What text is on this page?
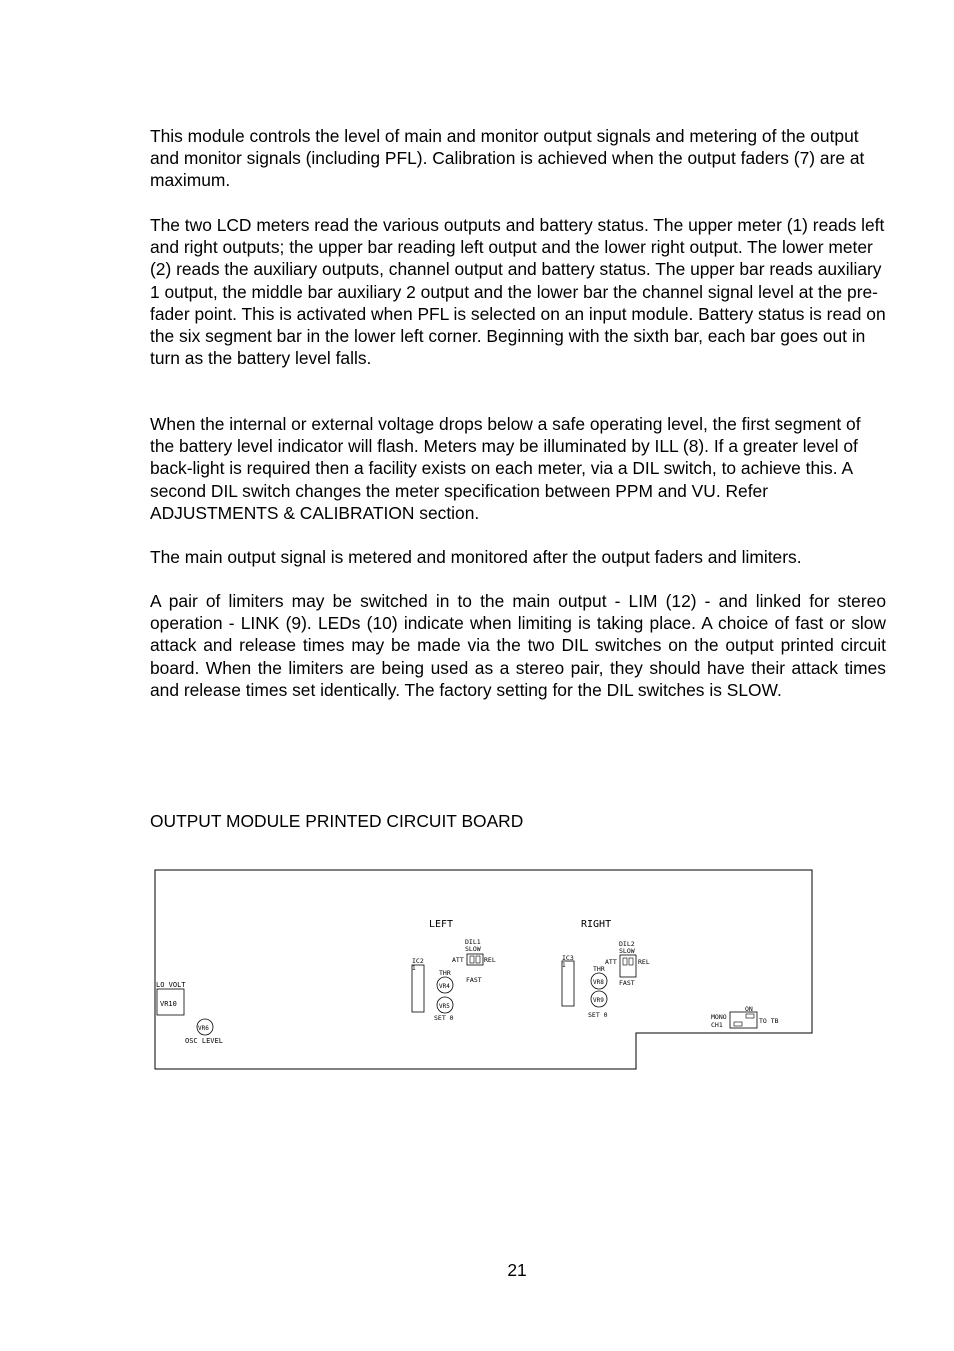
This module controls the level of main and monitor output signals and metering of the output and monitor signals (including PFL). Calibration is achieved when the output faders (7) are at maximum.

The two LCD meters read the various outputs and battery status. The upper meter (1) reads left and right outputs; the upper bar reading left output and the lower right output. The lower meter (2) reads the auxiliary outputs, channel output and battery status. The upper bar reads auxiliary 1 output, the middle bar auxiliary 2 output and the lower bar the channel signal level at the pre-fader point. This is activated when PFL is selected on an input module. Battery status is read on the six segment bar in the lower left corner. Beginning with the sixth bar, each bar goes out in turn as the battery level falls.

When the internal or external voltage drops below a safe operating level, the first segment of the battery level indicator will flash. Meters may be illuminated by ILL (8). If a greater level of back-light is required then a facility exists on each meter, via a DIL switch, to achieve this. A second DIL switch changes the meter specification between PPM and VU. Refer ADJUSTMENTS & CALIBRATION section.

The main output signal is metered and monitored after the output faders and limiters.

A pair of limiters may be switched in to the main output - LIM (12) - and linked for stereo operation - LINK (9). LEDs (10) indicate when limiting is taking place. A choice of fast or slow attack and release times may be made via the two DIL switches on the output printed circuit board. When the limiters are being used as a stereo pair, they should have their attack times and release times set identically. The factory setting for the DIL switches is SLOW.

OUTPUT MODULE PRINTED CIRCUIT BOARD
LO VOLT
VR10
VR6
OSC LEVEL
LEFT
IC2
1
DIL1
SLOW
ATT	REL
FAST
THR
VR4
VR5
SET 0
RIGHT
IC3
1
DIL2
SLOW
ATT	REL
FAST
THR
VR8
VR9
SET 0
ON
MONO
CH1	TO TB
21
